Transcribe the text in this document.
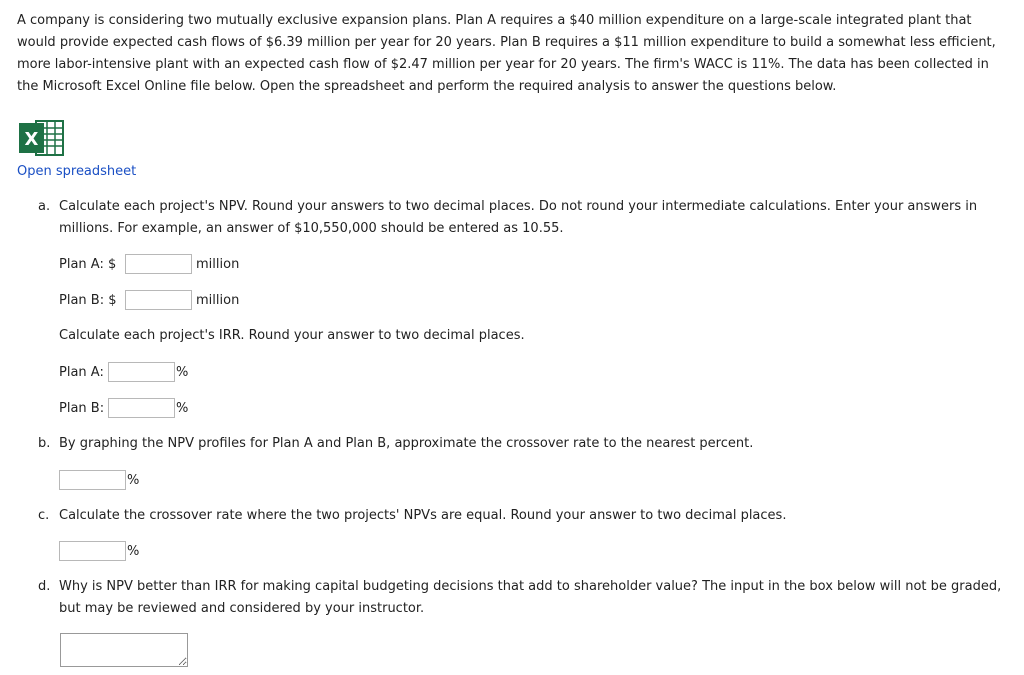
A company is considering two mutually exclusive expansion plans. Plan A requires a $40 million expenditure on a large-scale integrated plant that would provide expected cash flows of $6.39 million per year for 20 years. Plan B requires a $11 million expenditure to build a somewhat less efficient, more labor-intensive plant with an expected cash flow of $2.47 million per year for 20 years. The firm's WACC is 11%. The data has been collected in the Microsoft Excel Online file below. Open the spreadsheet and perform the required analysis to answer the questions below.

X
Open spreadsheet
a. Calculate each project's NPV. Round your answers to two decimal places. Do not round your intermediate calculations. Enter your answers in millions. For example, an answer of $10,550,000 should be entered as 10.55.

Plan A: $	million
Plan B: $	million

Calculate each project's IRR. Round your answer to two decimal places.

Plan A:	%
Plan B:	%
b. By graphing the NPV profiles for Plan A and Plan B, approximate the crossover rate to the nearest percent.

%
c. Calculate the crossover rate where the two projects' NPVs are equal. Round your answer to two decimal places.

%
d. Why is NPV better than IRR for making capital budgeting decisions that add to shareholder value? The input in the box below will not be graded, but may be reviewed and considered by your instructor.
